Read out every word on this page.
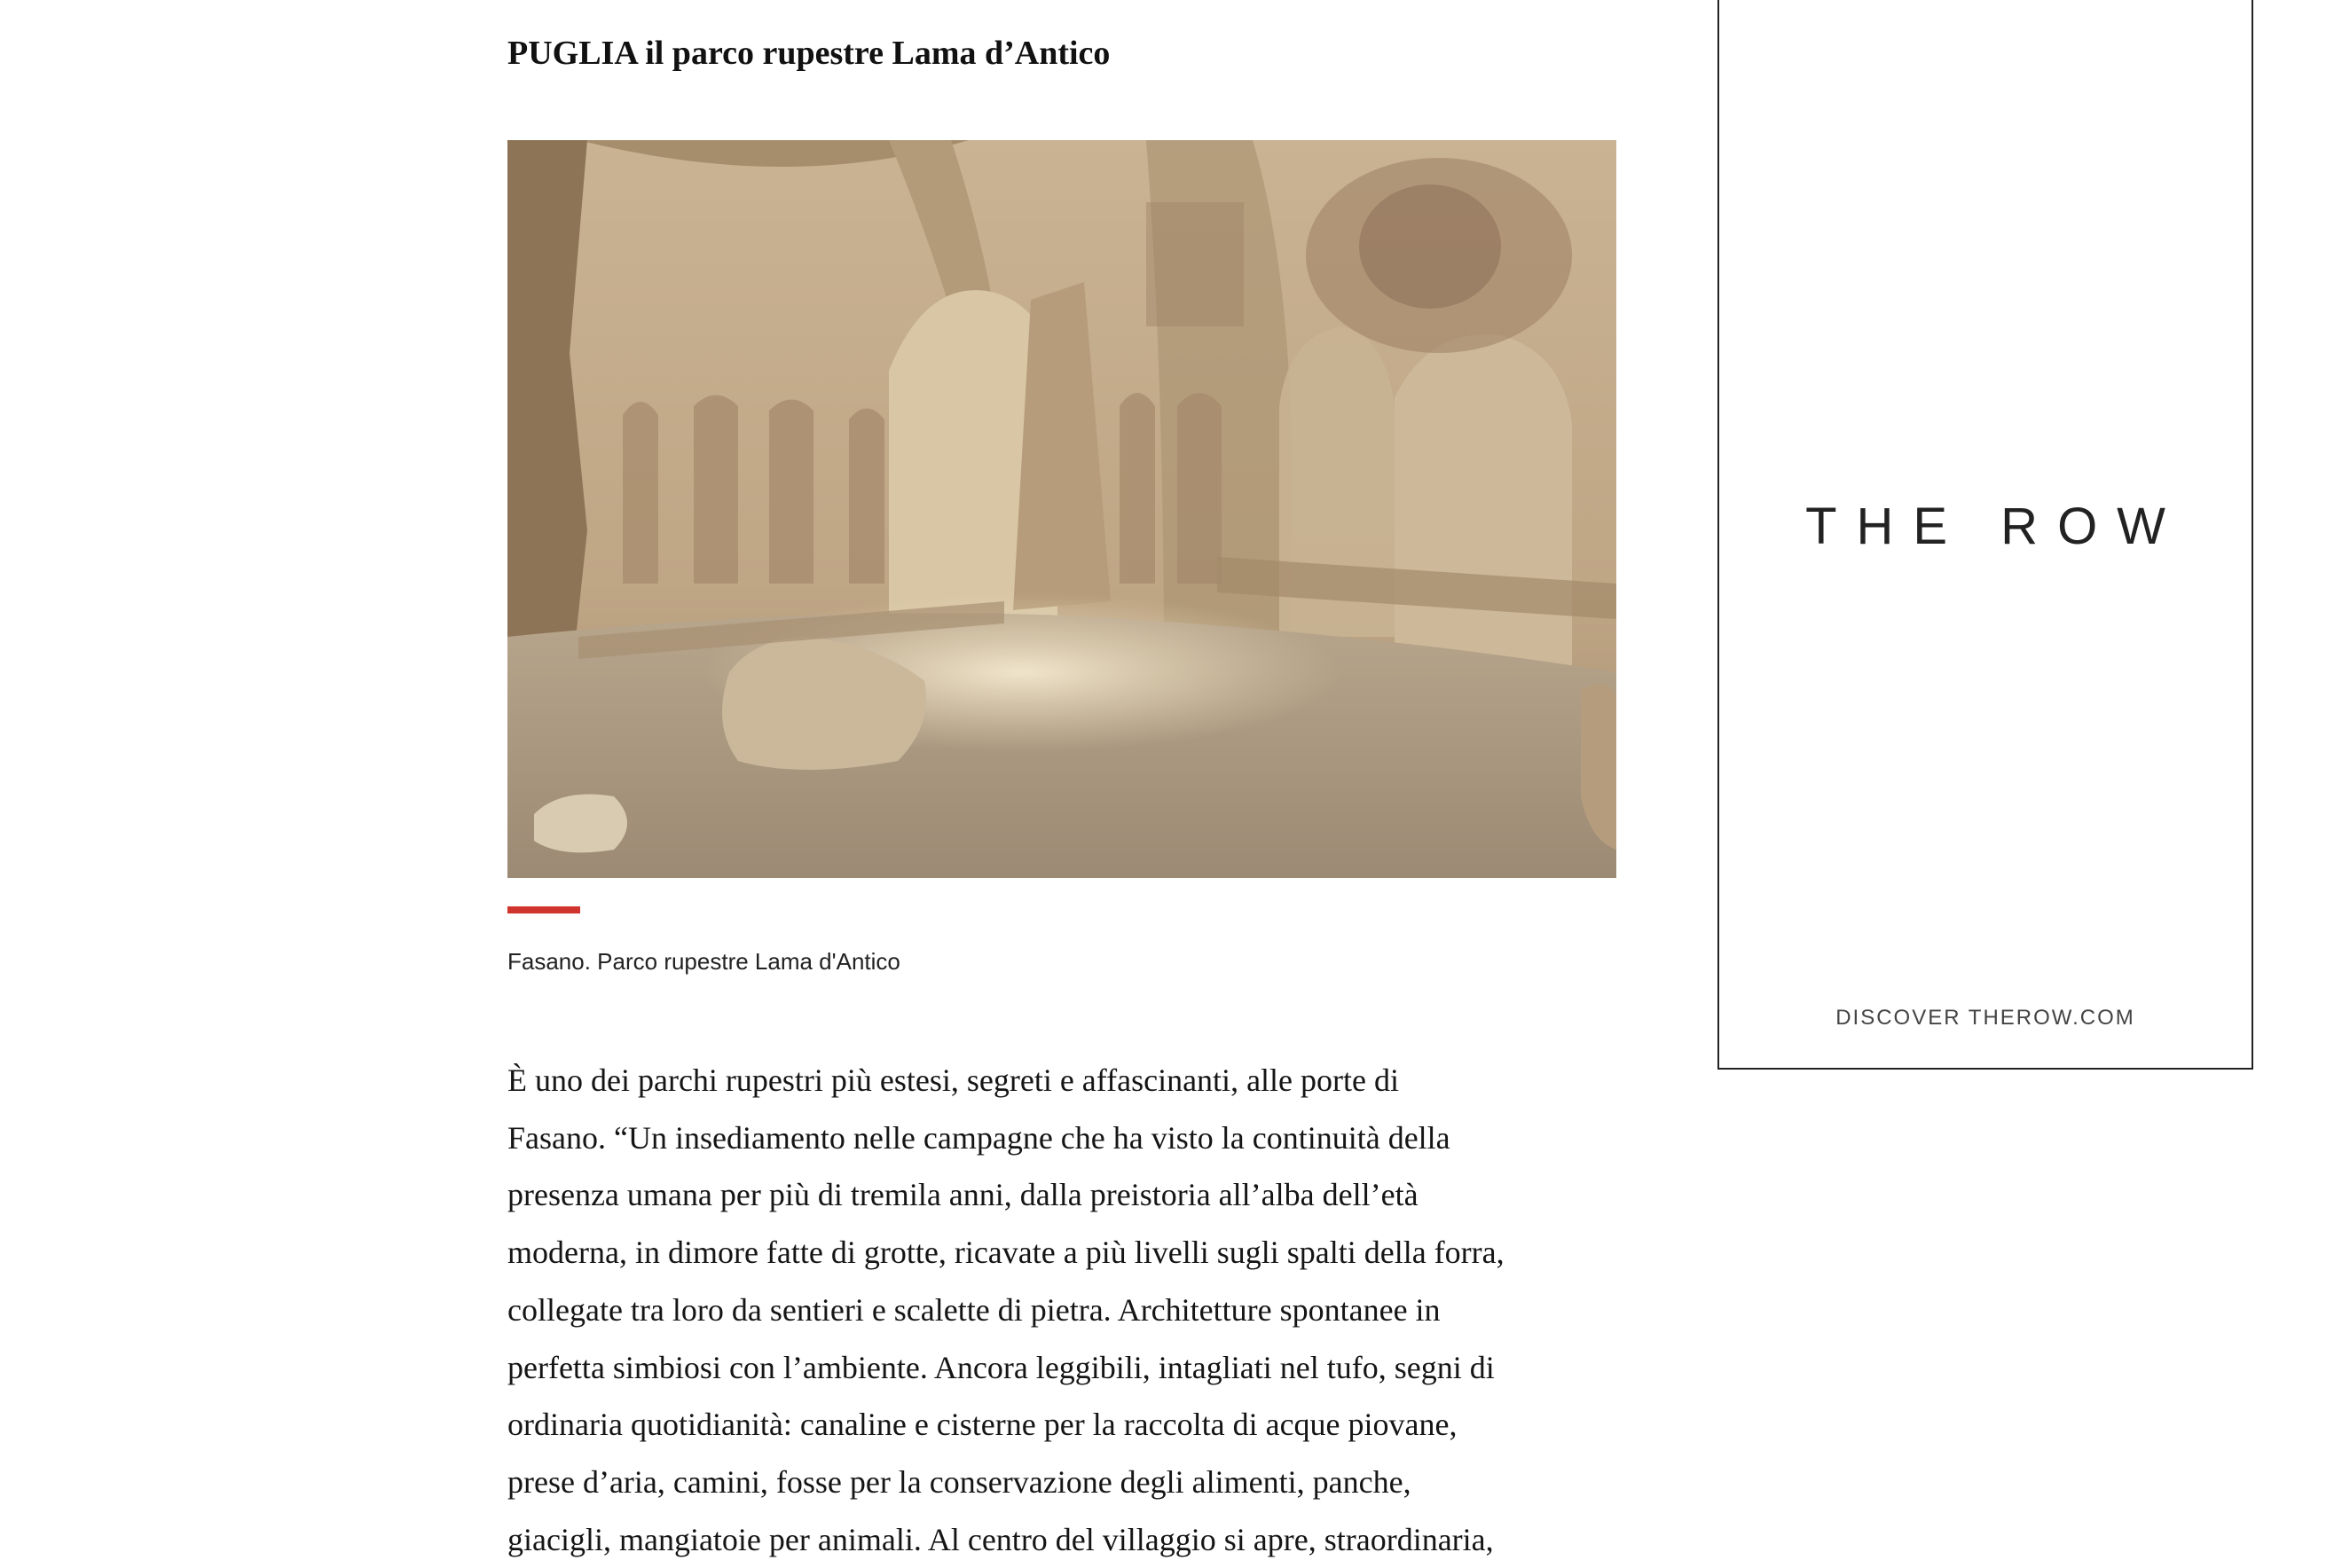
PUGLIA il parco rupestre Lama d’Antico
Fasano. Parco rupestre Lama d'Antico
È uno dei parchi rupestri più estesi, segreti e affascinanti, alle porte di
Fasano. “Un insediamento nelle campagne che ha visto la continuità della
presenza umana per più di tremila anni, dalla preistoria all’alba dell’età
moderna, in dimore fatte di grotte, ricavate a più livelli sugli spalti della forra,
collegate tra loro da sentieri e scalette di pietra. Architetture spontanee in
perfetta simbiosi con l’ambiente. Ancora leggibili, intagliati nel tufo, segni di
ordinaria quotidianità: canaline e cisterne per la raccolta di acque piovane,
prese d’aria, camini, fosse per la conservazione degli alimenti, panche,
giacigli, mangiatoie per animali. Al centro del villaggio si apre, straordinaria,
THE ROW
DISCOVER THEROW.COM
